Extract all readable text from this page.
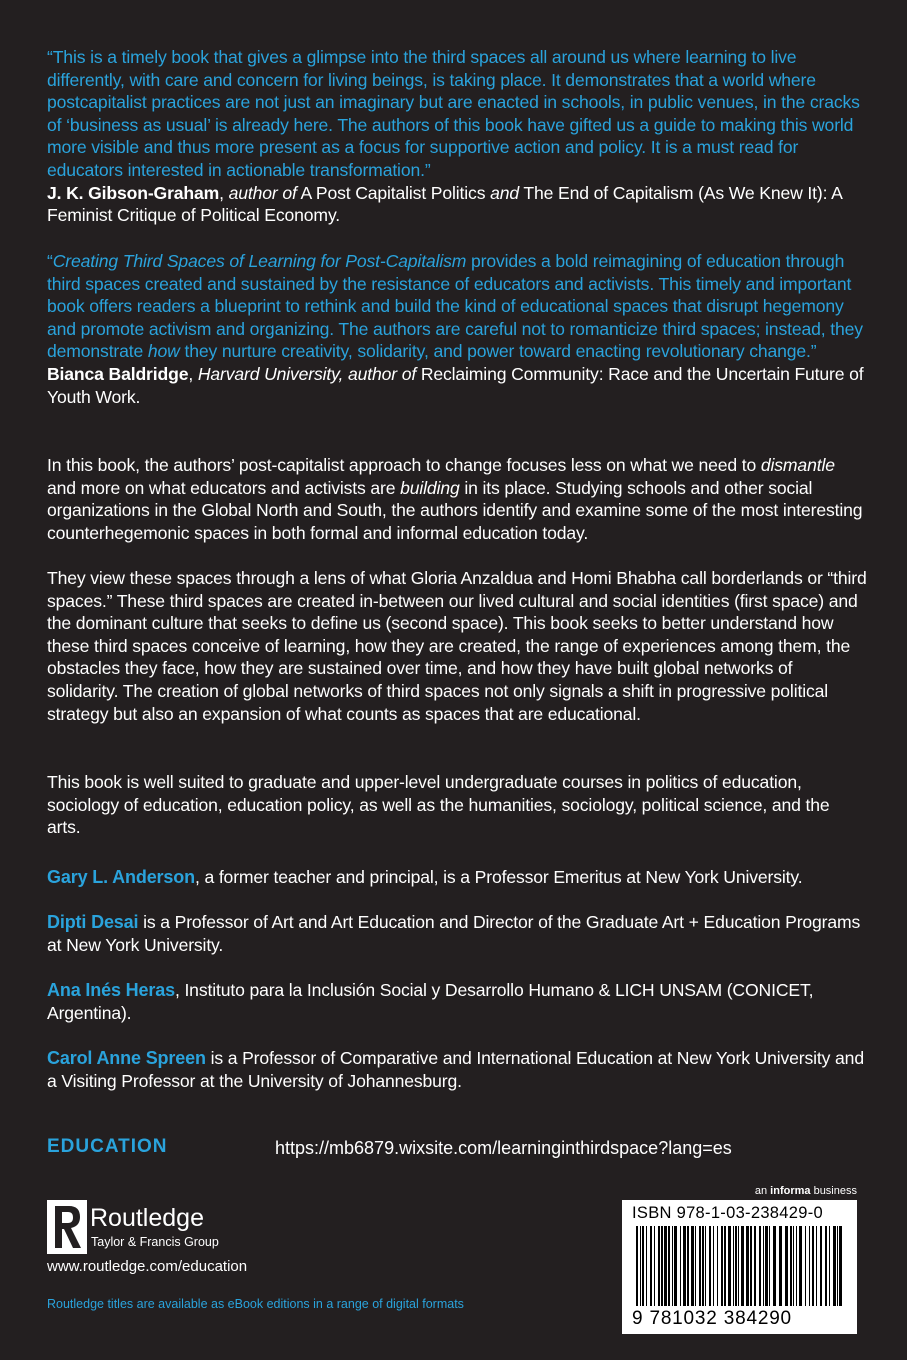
“This is a timely book that gives a glimpse into the third spaces all around us where learning to live differently, with care and concern for living beings, is taking place. It demonstrates that a world where postcapitalist practices are not just an imaginary but are enacted in schools, in public venues, in the cracks of ‘business as usual’ is already here. The authors of this book have gifted us a guide to making this world more visible and thus more present as a focus for supportive action and policy. It is a must read for educators interested in actionable transformation.”
J. K. Gibson-Graham, author of A Post Capitalist Politics and The End of Capitalism (As We Knew It): A Feminist Critique of Political Economy.

“Creating Third Spaces of Learning for Post-Capitalism provides a bold reimagining of education through third spaces created and sustained by the resistance of educators and activists. This timely and important book offers readers a blueprint to rethink and build the kind of educational spaces that disrupt hegemony and promote activism and organizing. The authors are careful not to romanticize third spaces; instead, they demonstrate how they nurture creativity, solidarity, and power toward enacting revolutionary change.”
Bianca Baldridge, Harvard University, author of Reclaiming Community: Race and the Uncertain Future of Youth Work.

In this book, the authors’ post-capitalist approach to change focuses less on what we need to dismantle and more on what educators and activists are building in its place. Studying schools and other social organizations in the Global North and South, the authors identify and examine some of the most interesting counterhegemonic spaces in both formal and informal education today.

They view these spaces through a lens of what Gloria Anzaldua and Homi Bhabha call borderlands or “third spaces.” These third spaces are created in-between our lived cultural and social identities (first space) and the dominant culture that seeks to define us (second space). This book seeks to better understand how these third spaces conceive of learning, how they are created, the range of experiences among them, the obstacles they face, how they are sustained over time, and how they have built global networks of solidarity. The creation of global networks of third spaces not only signals a shift in progressive political strategy but also an expansion of what counts as spaces that are educational.

This book is well suited to graduate and upper-level undergraduate courses in politics of education, sociology of education, education policy, as well as the humanities, sociology, political science, and the arts.

Gary L. Anderson, a former teacher and principal, is a Professor Emeritus at New York University.

Dipti Desai is a Professor of Art and Art Education and Director of the Graduate Art + Education Programs at New York University.

Ana Inés Heras, Instituto para la Inclusión Social y Desarrollo Humano & LICH UNSAM (CONICET, Argentina).

Carol Anne Spreen is a Professor of Comparative and International Education at New York University and a Visiting Professor at the University of Johannesburg.

EDUCATION	https://mb6879.wixsite.com/learninginthirdspace?lang=es
Routledge
Taylor & Francis Group
www.routledge.com/education
Routledge titles are available as eBook editions in a range of digital formats
an informa business
ISBN 978-1-03-238429-0
9 781032 384290
